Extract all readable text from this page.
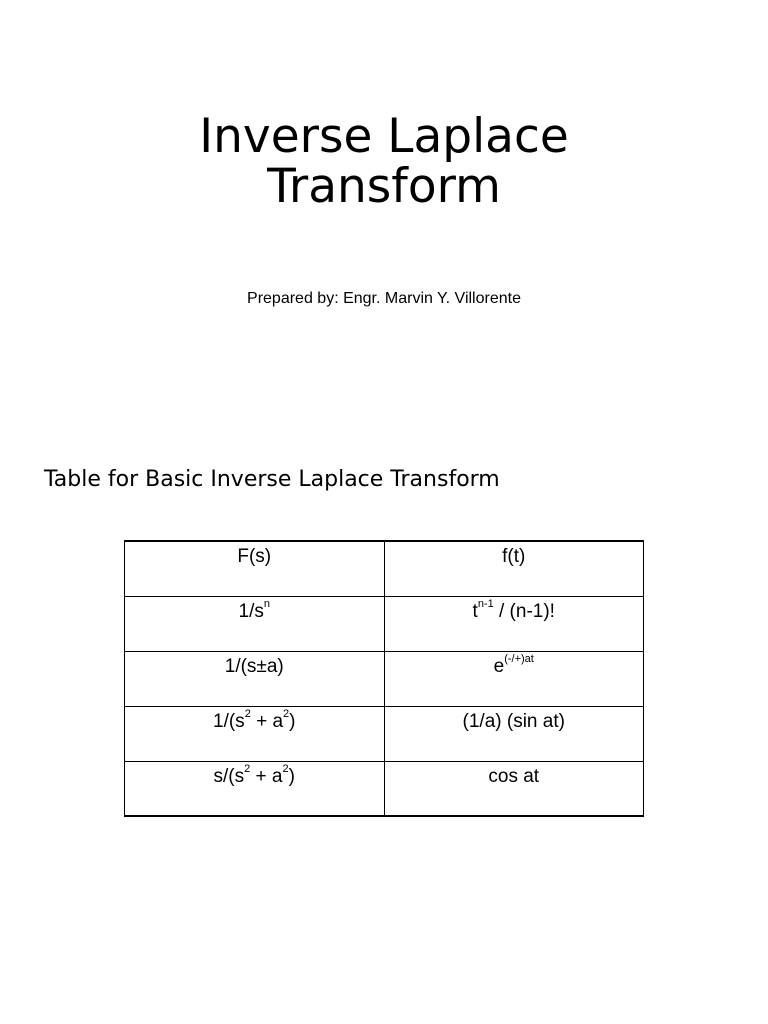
Inverse Laplace
Transform
Prepared by: Engr. Marvin Y. Villorente
Table for Basic Inverse Laplace Transform
F(s)	f(t)
$1/s^n$	$t^{n-1} / (n-1)$!
1/(s±a)	$e^{(-/+)at}$
$1/(s^2 + a^2)$	(1/a) (sin at)
$s/(s^2 + a^2)$	cos at
